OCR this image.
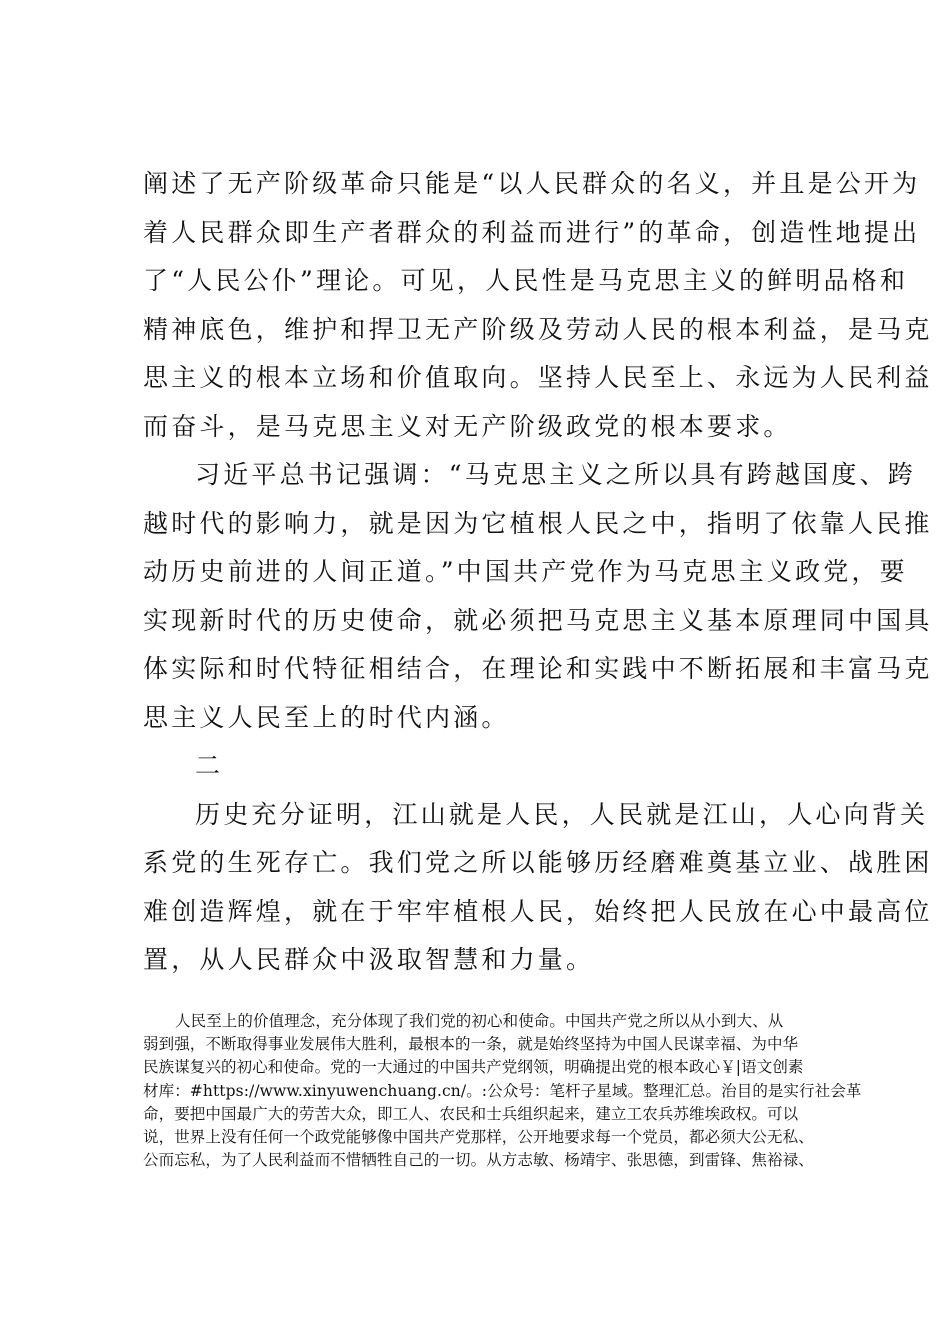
阐述了无产阶级革命只能是“以人民群众的名义，并且是公开为
着人民群众即生产者群众的利益而进行”的革命，创造性地提出
了“人民公仆”理论。可见，人民性是马克思主义的鲜明品格和
精神底色，维护和捍卫无产阶级及劳动人民的根本利益，是马克
思主义的根本立场和价值取向。坚持人民至上、永远为人民利益
而奋斗，是马克思主义对无产阶级政党的根本要求。
习近平总书记强调：“马克思主义之所以具有跨越国度、跨
越时代的影响力，就是因为它植根人民之中，指明了依靠人民推
动历史前进的人间正道。”中国共产党作为马克思主义政党，要
实现新时代的历史使命，就必须把马克思主义基本原理同中国具
体实际和时代特征相结合，在理论和实践中不断拓展和丰富马克
思主义人民至上的时代内涵。
二
历史充分证明，江山就是人民，人民就是江山，人心向背关
系党的生死存亡。我们党之所以能够历经磨难奠基立业、战胜困
难创造辉煌，就在于牢牢植根人民，始终把人民放在心中最高位
置，从人民群众中汲取智慧和力量。
人民至上的价值理念，充分体现了我们党的初心和使命。中国共产党之所以从小到大、从
弱到强，不断取得事业发展伟大胜利，最根本的一条，就是始终坚持为中国人民谋幸福、为中华
民族谋复兴的初心和使命。党的一大通过的中国共产党纲领，明确提出党的根本政心￥|语文创素
材库：#https://www.xinyuwenchuang.cn/。:公众号：笔杆子星域。整理汇总。治目的是实行社会革
命，要把中国最广大的劳苦大众，即工人、农民和士兵组织起来，建立工农兵苏维埃政权。可以
说，世界上没有任何一个政党能够像中国共产党那样，公开地要求每一个党员，都必须大公无私、
公而忘私，为了人民利益而不惜牺牲自己的一切。从方志敏、杨靖宇、张思德，到雷锋、焦裕禄、
